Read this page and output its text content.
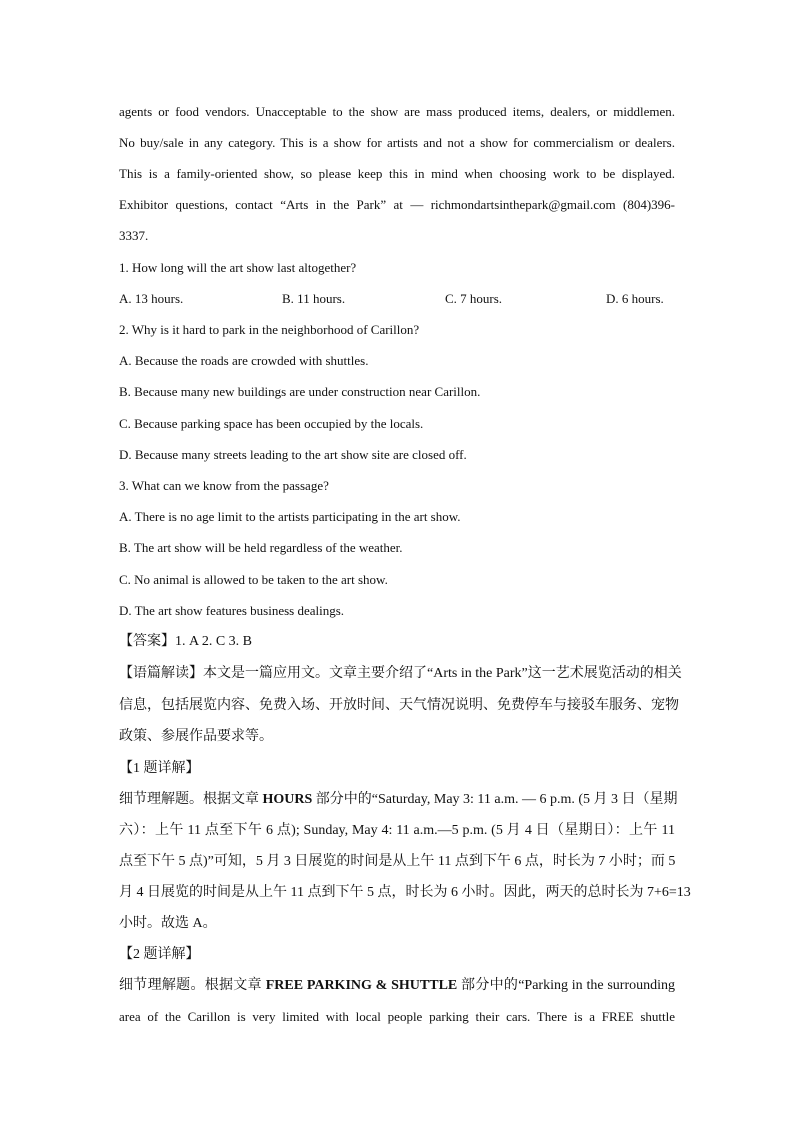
agents or food vendors. Unacceptable to the show are mass produced items, dealers, or middlemen.
No buy/sale in any category. This is a show for artists and not a show for commercialism or dealers.
This is a family-oriented show, so please keep this in mind when choosing work to be displayed.
Exhibitor questions, contact “Arts in the Park” at — richmondartsinthepark@gmail.com (804)396-
3337.
1. How long will the art show last altogether?
A. 13 hours.	B. 11 hours.	C. 7 hours.	D. 6 hours.
2. Why is it hard to park in the neighborhood of Carillon?
A. Because the roads are crowded with shuttles.
B. Because many new buildings are under construction near Carillon.
C. Because parking space has been occupied by the locals.
D. Because many streets leading to the art show site are closed off.
3. What can we know from the passage?
A. There is no age limit to the artists participating in the art show.
B. The art show will be held regardless of the weather.
C. No animal is allowed to be taken to the art show.
D. The art show features business dealings.
【答案】1. A 2. C 3. B
【语篇解读】本文是一篇应用文。文章主要介绍了“Arts in the Park”这一艺术展览活动的相关
信息，包括展览内容、免费入场、开放时间、天气情况说明、免费停车与接驳车服务、宠物
政策、参展作品要求等。
【1 题详解】
细节理解题。根据文章 HOURS 部分中的“Saturday, May 3: 11 a.m. — 6 p.m. (5 月 3 日（星期
六）：上午 11 点至下午 6 点); Sunday, May 4: 11 a.m.—5 p.m. (5 月 4 日（星期日）：上午 11
点至下午 5 点)”可知，5 月 3 日展览的时间是从上午 11 点到下午 6 点，时长为 7 小时；而 5
月 4 日展览的时间是从上午 11 点到下午 5 点，时长为 6 小时。因此，两天的总时长为 7+6=13
小时。故选 A。
【2 题详解】
细节理解题。根据文章 FREE PARKING & SHUTTLE 部分中的“Parking in the surrounding
area of the Carillon is very limited with local people parking their cars. There is a FREE shuttle
